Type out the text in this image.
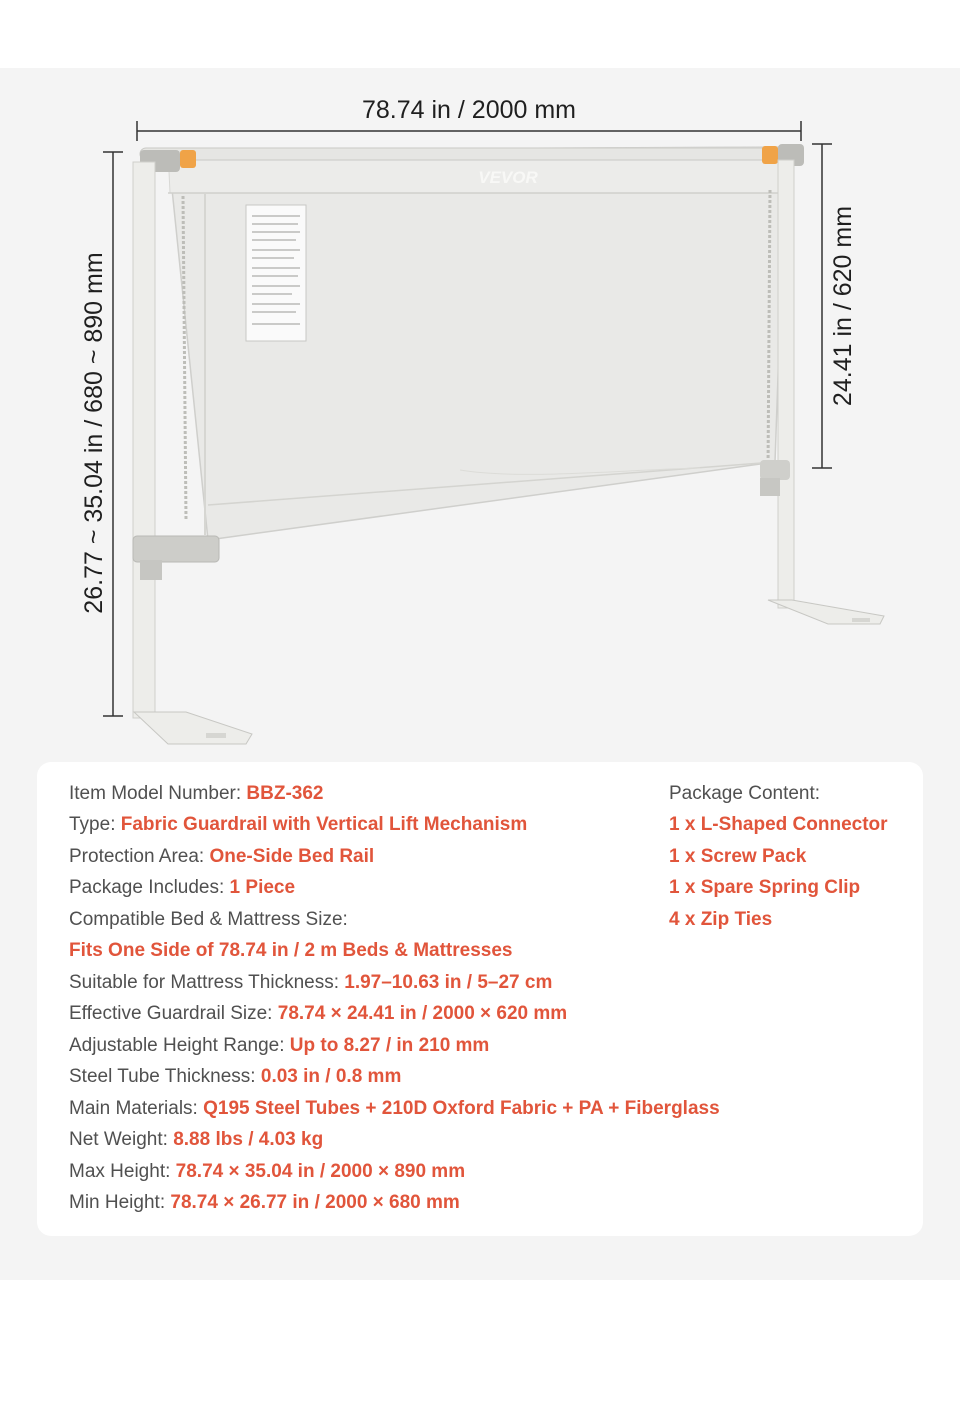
78.74 in / 2000 mm
26.77 ~ 35.04 in / 680 ~ 890 mm	24.41 in / 620 mm
VEVOR
Item Model Number: BBZ-362
Type: Fabric Guardrail with Vertical Lift Mechanism
Protection Area: One-Side Bed Rail
Package Includes: 1 Piece
Compatible Bed & Mattress Size:
Fits One Side of 78.74 in / 2 m Beds & Mattresses
Suitable for Mattress Thickness: 1.97–10.63 in / 5–27 cm
Effective Guardrail Size: 78.74 × 24.41 in / 2000 × 620 mm
Adjustable Height Range: Up to 8.27 / in 210 mm
Steel Tube Thickness: 0.03 in / 0.8 mm
Main Materials: Q195 Steel Tubes + 210D Oxford Fabric + PA + Fiberglass
Net Weight: 8.88 lbs / 4.03 kg
Max Height: 78.74 × 35.04 in / 2000 × 890 mm
Min Height: 78.74 × 26.77 in / 2000 × 680 mm
Package Content:
1 x L-Shaped Connector
1 x Screw Pack
1 x Spare Spring Clip
4 x Zip Ties
